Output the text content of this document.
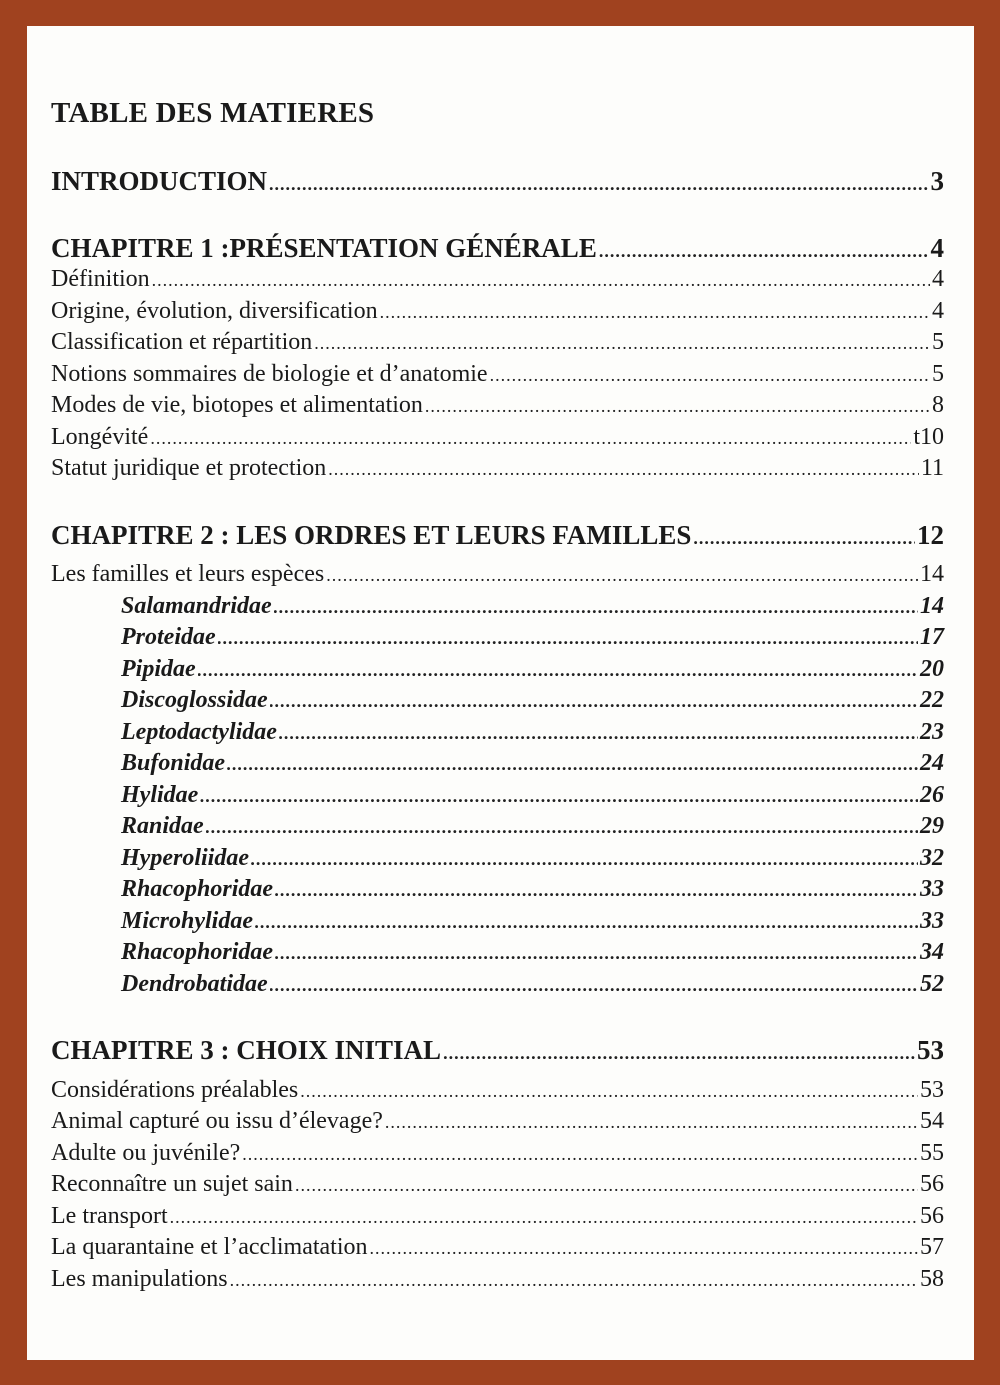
TABLE DES MATIERES
INTRODUCTION .....	3
CHAPITRE 1 :PRÉSENTATION GÉNÉRALE .....	4
Définition .....	4
Origine, évolution, diversification .....	4
Classification et répartition .....	5
Notions sommaires de biologie et d’anatomie .....	5
Modes de vie, biotopes et alimentation .....	8
Longévité .....	t10
Statut juridique et protection .....	11
CHAPITRE 2 : LES ORDRES ET LEURS FAMILLES .....	12
Les familles et leurs espèces .....	14
Salamandridae .....	14
Proteidae .....	17
Pipidae .....	20
Discoglossidae .....	22
Leptodactylidae .....	23
Bufonidae .....	24
Hylidae .....	26
Ranidae .....	29
Hyperoliidae .....	32
Rhacophoridae .....	33
Microhylidae .....	33
Rhacophoridae .....	34
Dendrobatidae .....	52
CHAPITRE 3 : CHOIX INITIAL .....	53
Considérations préalables .....	53
Animal capturé ou issu d’élevage? .....	54
Adulte ou juvénile? .....	55
Reconnaître un sujet sain .....	56
Le transport .....	56
La quarantaine et l’acclimatation .....	57
Les manipulations .....	58
